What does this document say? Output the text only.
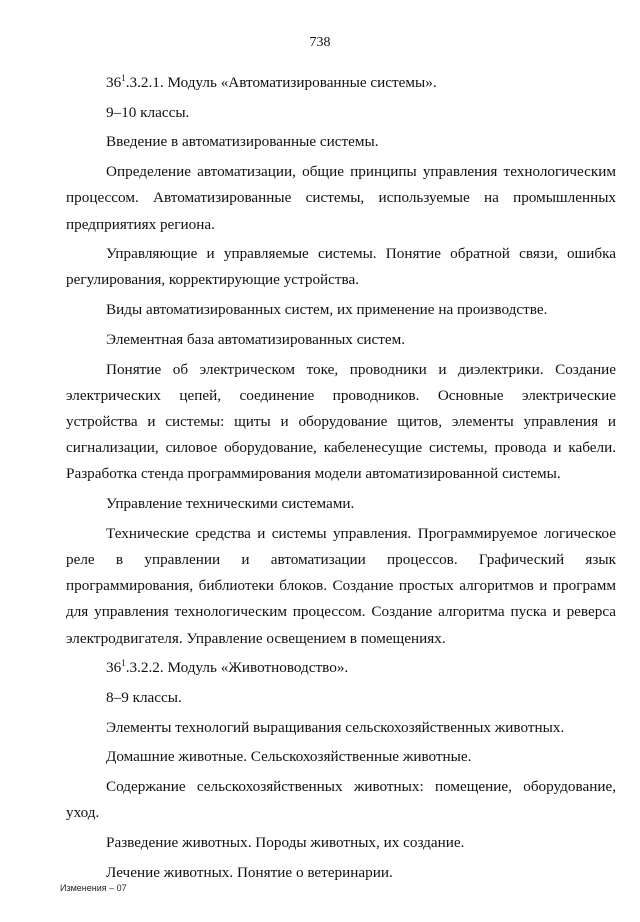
738

$36^1.3.2.1$. Модуль «Автоматизированные системы».

9–10 классы.

Введение в автоматизированные системы.

Определение автоматизации, общие принципы управления технологическим процессом. Автоматизированные системы, используемые на промышленных предприятиях региона.

Управляющие и управляемые системы. Понятие обратной связи, ошибка регулирования, корректирующие устройства.

Виды автоматизированных систем, их применение на производстве.

Элементная база автоматизированных систем.

Понятие об электрическом токе, проводники и диэлектрики. Создание электрических цепей, соединение проводников. Основные электрические устройства и системы: щиты и оборудование щитов, элементы управления и сигнализации, силовое оборудование, кабеленесущие системы, провода и кабели. Разработка стенда программирования модели автоматизированной системы.

Управление техническими системами.

Технические средства и системы управления. Программируемое логическое
реле в управлении и автоматизации процессов. Графический язык
программирования, библиотеки блоков. Создание простых алгоритмов и программ для управления технологическим процессом. Создание алгоритма пуска и реверса электродвигателя. Управление освещением в помещениях.

$36^1.3.2.2$. Модуль «Животноводство».

8–9 классы.

Элементы технологий выращивания сельскохозяйственных животных.

Домашние животные. Сельскохозяйственные животные.

Содержание сельскохозяйственных животных: помещение, оборудование, уход.

Разведение животных. Породы животных, их создание.

Лечение животных. Понятие о ветеринарии.

Изменения – 07
